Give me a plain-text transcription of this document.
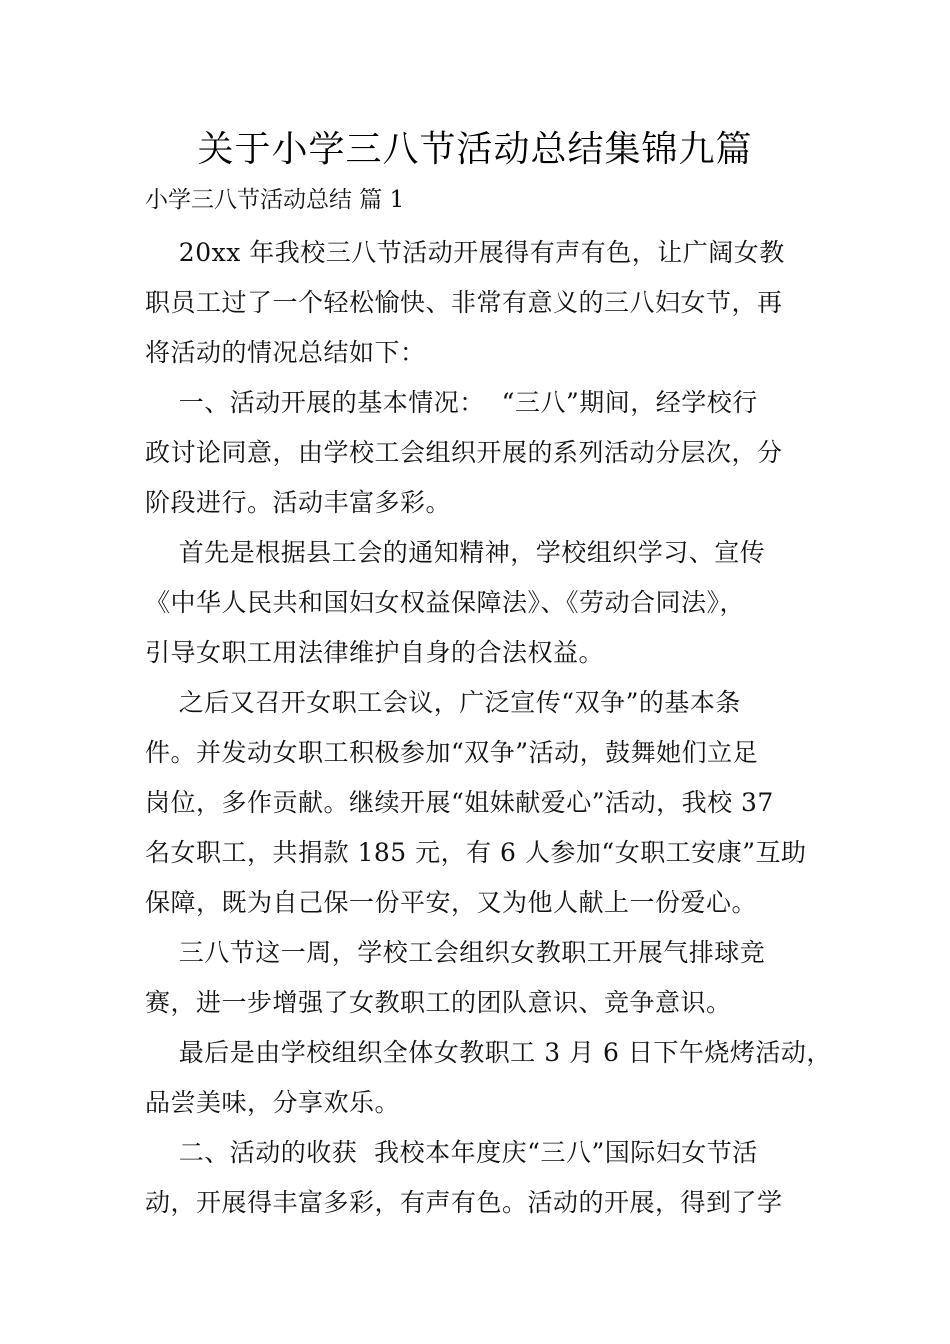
关于小学三八节活动总结集锦九篇
小学三八节活动总结 篇 1
20xx 年我校三八节活动开展得有声有色，让广阔女教
职员工过了一个轻松愉快、非常有意义的三八妇女节，再
将活动的情况总结如下：
一、活动开展的基本情况：  “三八”期间，经学校行
政讨论同意，由学校工会组织开展的系列活动分层次，分
阶段进行。活动丰富多彩。
首先是根据县工会的通知精神，学校组织学习、宣传
《中华人民共和国妇女权益保障法》、《劳动合同法》，
引导女职工用法律维护自身的合法权益。
之后又召开女职工会议，广泛宣传“双争”的基本条
件。并发动女职工积极参加“双争”活动，鼓舞她们立足
岗位，多作贡献。继续开展“姐妹献爱心”活动，我校 37
名女职工，共捐款 185 元，有 6 人参加“女职工安康”互助
保障，既为自己保一份平安，又为他人献上一份爱心。
三八节这一周，学校工会组织女教职工开展气排球竞
赛，进一步增强了女教职工的团队意识、竞争意识。
最后是由学校组织全体女教职工 3 月 6 日下午烧烤活动，
品尝美味，分享欢乐。
二、活动的收获  我校本年度庆“三八”国际妇女节活
动，开展得丰富多彩，有声有色。活动的开展，得到了学
